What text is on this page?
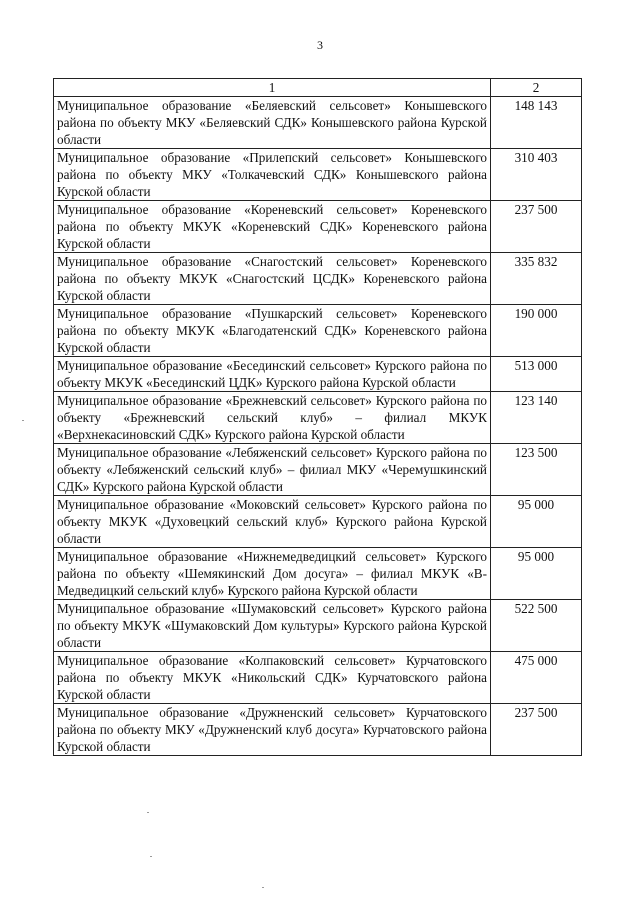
3
1	2
Муниципальное образование «Беляевский сельсовет» Конышевского района по объекту МКУ «Беляевский СДК» Конышевского района Курской области	148 143
Муниципальное образование «Прилепский сельсовет» Конышевского района по объекту МКУ «Толкачевский СДК» Конышевского района Курской области	310 403
Муниципальное образование «Кореневский сельсовет» Кореневского района по объекту МКУК «Кореневский СДК» Кореневского района Курской области	237 500
Муниципальное образование «Снагостский сельсовет» Кореневского района по объекту МКУК «Снагостский ЦСДК» Кореневского района Курской области	335 832
Муниципальное образование «Пушкарский сельсовет» Кореневского района по объекту МКУК «Благодатенский СДК» Кореневского района Курской области	190 000
Муниципальное образование «Бесединский сельсовет» Курского района по объекту МКУК «Бесединский ЦДК» Курского района Курской области	513 000
Муниципальное образование «Брежневский сельсовет» Курского района по объекту «Брежневский сельский клуб» – филиал МКУК «Верхнекасиновский СДК» Курского района Курской области	123 140
Муниципальное образование «Лебяженский сельсовет» Курского района по объекту «Лебяженский сельский клуб» – филиал МКУ «Черемушкинский СДК» Курского района Курской области	123 500
Муниципальное образование «Моковский сельсовет» Курского района по объекту МКУК «Духовецкий сельский клуб» Курского района Курской области	95 000
Муниципальное образование «Нижнемедведицкий сельсовет» Курского района по объекту «Шемякинский Дом досуга» – филиал МКУК «В-Медведицкий сельский клуб» Курского района Курской области	95 000
Муниципальное образование «Шумаковский сельсовет» Курского района по объекту МКУК «Шумаковский Дом культуры» Курского района Курской области	522 500
Муниципальное образование «Колпаковский сельсовет» Курчатовского района по объекту МКУК «Никольский СДК» Курчатовского района Курской области	475 000
Муниципальное образование «Дружненский сельсовет» Курчатовского района по объекту МКУ «Дружненский клуб досуга» Курчатовского района Курской области	237 500
